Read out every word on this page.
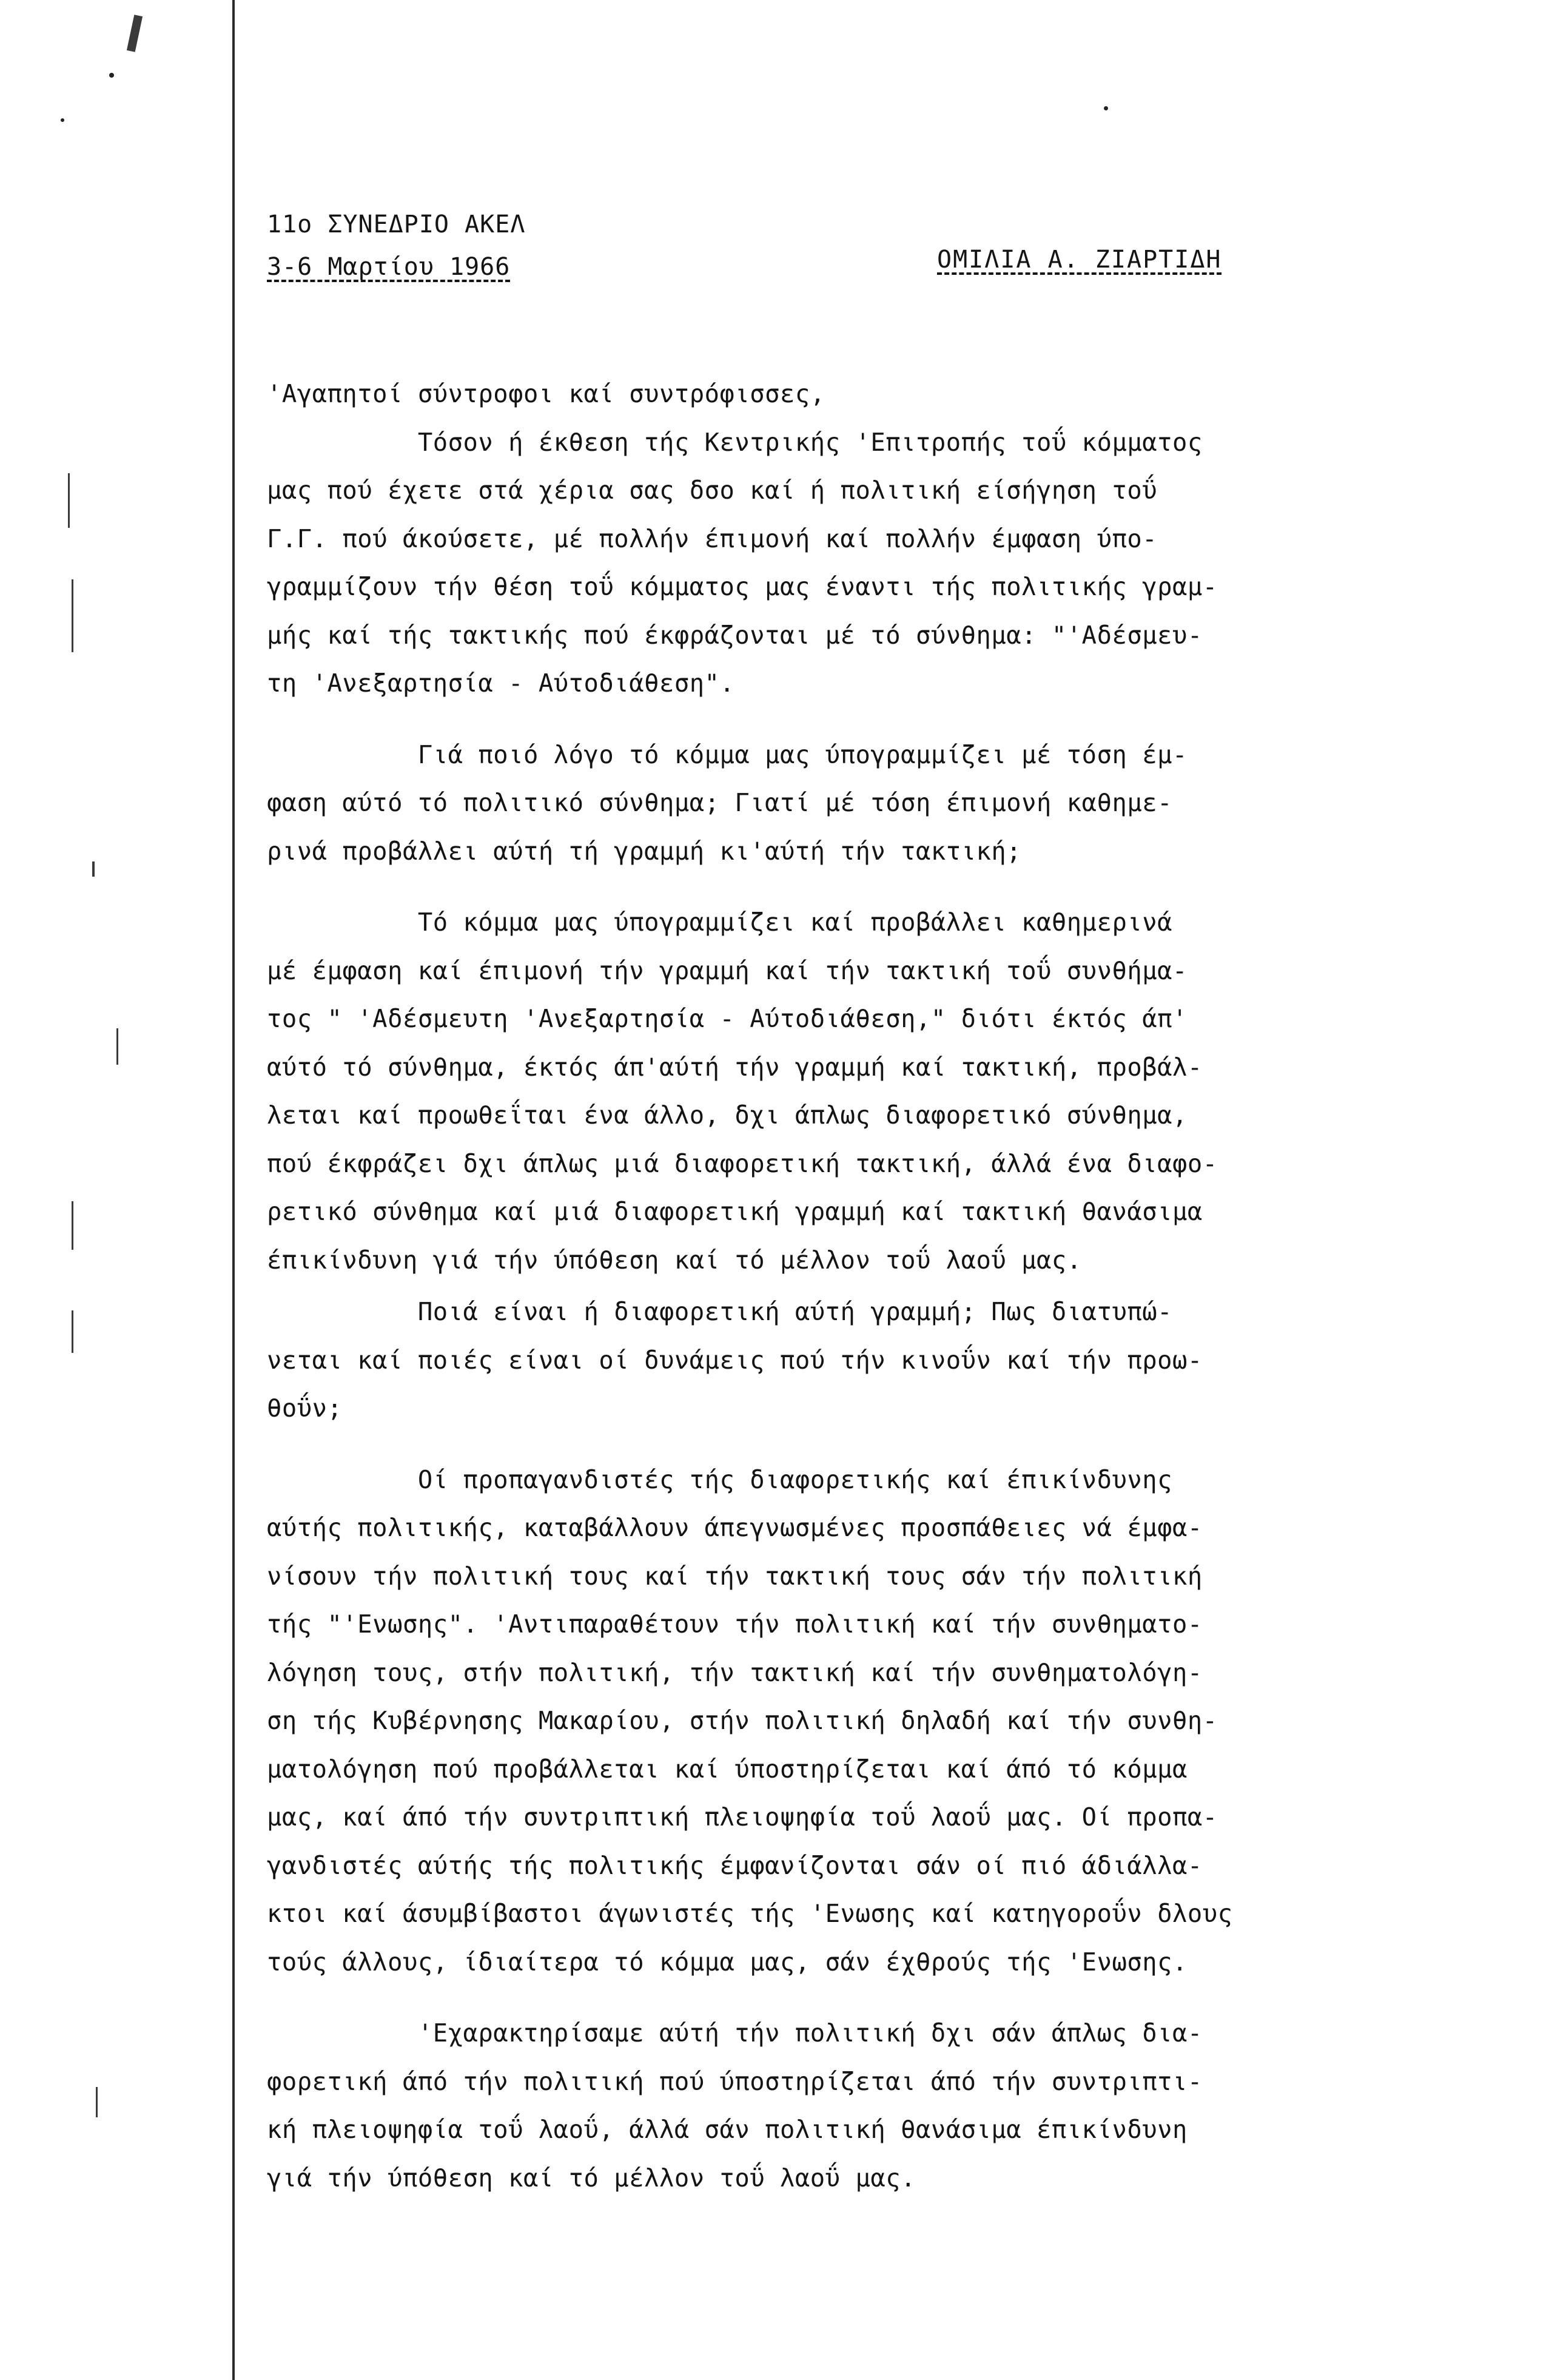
11ο ΣΥΝΕΔΡΙΟ ΑΚΕΛ
3-6 Μαρτίου 1966	ΟΜΙΛΙΑ Α. ΖΙΑΡΤΙΔΗ

'Αγαπητοί σύντροφοι καί συντρόφισσες,

Τόσον ή έκθεση τής Κεντρικής 'Επιτροπής τοΰ κόμματος

μας πού έχετε στά χέρια σας δσο καί ή πολιτική είσήγηση τοΰ

Γ.Γ. πού άκούσετε, μέ πολλήν έπιμονή καί πολλήν έμφαση ύπο-

γραμμίζουν τήν θέση τοΰ κόμματος μας έναντι τής πολιτικής γραμ-

μής καί τής τακτικής πού έκφράζονται μέ τό σύνθημα: "'Αδέσμευ-

τη 'Ανεξαρτησία - Αύτοδιάθεση".

Γιά ποιό λόγο τό κόμμα μας ύπογραμμίζει μέ τόση έμ-

φαση αύτό τό πολιτικό σύνθημα; Γιατί μέ τόση έπιμονή καθημε-

ρινά προβάλλει αύτή τή γραμμή κι'αύτή τήν τακτική;

Τό κόμμα μας ύπογραμμίζει καί προβάλλει καθημερινά

μέ έμφαση καί έπιμονή τήν γραμμή καί τήν τακτική τοΰ συνθήμα-

τος " 'Αδέσμευτη 'Ανεξαρτησία - Αύτοδιάθεση," διότι έκτός άπ'

αύτό τό σύνθημα, έκτός άπ'αύτή τήν γραμμή καί τακτική, προβάλ-

λεται καί προωθεΐται ένα άλλο, δχι άπλως διαφορετικό σύνθημα,

πού έκφράζει δχι άπλως μιά διαφορετική τακτική, άλλά ένα διαφο-

ρετικό σύνθημα καί μιά διαφορετική γραμμή καί τακτική θανάσιμα

έπικίνδυνη γιά τήν ύπόθεση καί τό μέλλον τοΰ λαοΰ μας.

Ποιά είναι ή διαφορετική αύτή γραμμή; Πως διατυπώ-

νεται καί ποιές είναι οί δυνάμεις πού τήν κινοΰν καί τήν προω-

θοΰν;

Οί προπαγανδιστές τής διαφορετικής καί έπικίνδυνης

αύτής πολιτικής, καταβάλλουν άπεγνωσμένες προσπάθειες νά έμφα-

νίσουν τήν πολιτική τους καί τήν τακτική τους σάν τήν πολιτική

τής "'Ενωσης". 'Αντιπαραθέτουν τήν πολιτική καί τήν συνθηματο-

λόγηση τους, στήν πολιτική, τήν τακτική καί τήν συνθηματολόγη-

ση τής Κυβέρνησης Μακαρίου, στήν πολιτική δηλαδή καί τήν συνθη-

ματολόγηση πού προβάλλεται καί ύποστηρίζεται καί άπό τό κόμμα

μας, καί άπό τήν συντριπτική πλειοψηφία τοΰ λαοΰ μας. Οί προπα-

γανδιστές αύτής τής πολιτικής έμφανίζονται σάν οί πιό άδιάλλα-

κτοι καί άσυμβίβαστοι άγωνιστές τής 'Ενωσης καί κατηγοροΰν δλους

τούς άλλους, ίδιαίτερα τό κόμμα μας, σάν έχθρούς τής 'Ενωσης.

'Εχαρακτηρίσαμε αύτή τήν πολιτική δχι σάν άπλως δια-

φορετική άπό τήν πολιτική πού ύποστηρίζεται άπό τήν συντριπτι-

κή πλειοψηφία τοΰ λαοΰ, άλλά σάν πολιτική θανάσιμα έπικίνδυνη

γιά τήν ύπόθεση καί τό μέλλον τοΰ λαοΰ μας.
